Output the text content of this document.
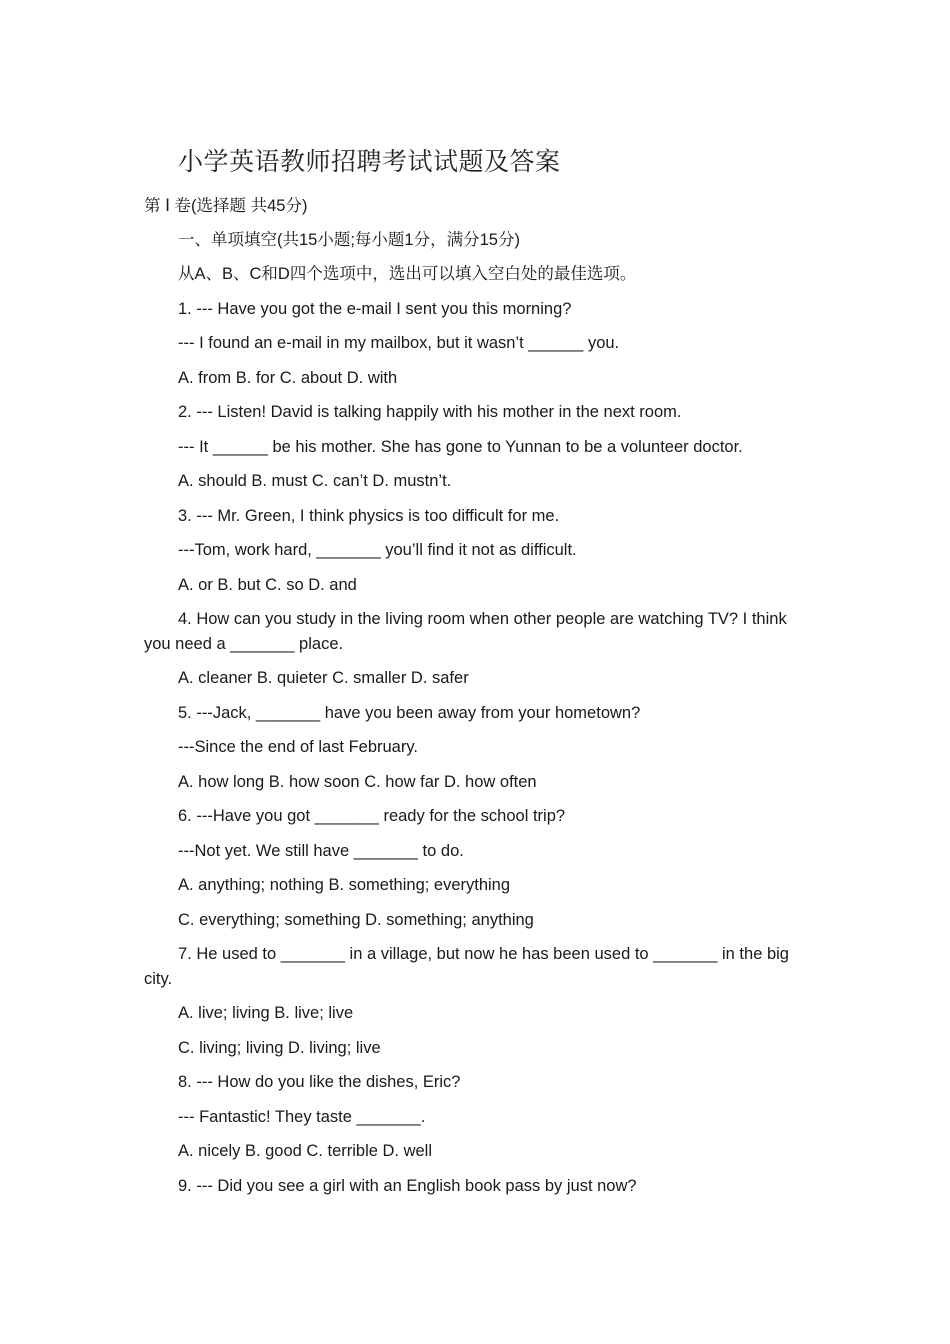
小学英语教师招聘考试试题及答案
第 Ⅰ 卷(选择题 共45分)
一、单项填空(共15小题;每小题1分，满分15分)
从A、B、C和D四个选项中，选出可以填入空白处的最佳选项。
1. --- Have you got the e-mail I sent you this morning?
--- I found an e-mail in my mailbox, but it wasn’t ______ you.
A. from B. for C. about D. with
2. --- Listen! David is talking happily with his mother in the next room.
--- It ______ be his mother. She has gone to Yunnan to be a volunteer doctor.
A. should B. must C. can’t D. mustn’t.
3. --- Mr. Green, I think physics is too difficult for me.
---Tom, work hard, _______ you’ll find it not as difficult.
A. or B. but C. so D. and
4. How can you study in the living room when other people are watching TV? I think you need a _______ place.
A. cleaner B. quieter C. smaller D. safer
5. ---Jack, _______ have you been away from your hometown?
---Since the end of last February.
A. how long B. how soon C. how far D. how often
6. ---Have you got _______ ready for the school trip?
---Not yet. We still have _______ to do.
A. anything; nothing B. something; everything
C. everything; something D. something; anything
7. He used to _______ in a village, but now he has been used to _______ in the big city.
A. live; living B. live; live
C. living; living D. living; live
8. --- How do you like the dishes, Eric?
--- Fantastic! They taste _______.
A. nicely B. good C. terrible D. well
9. --- Did you see a girl with an English book pass by just now?
